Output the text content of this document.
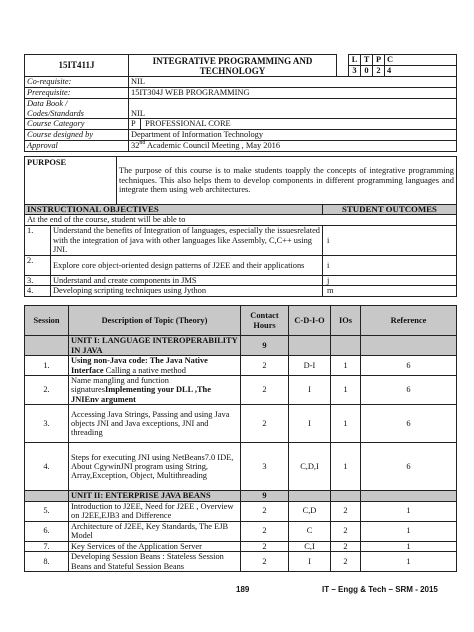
15IT411J	INTEGRATIVE PROGRAMMING AND TECHNOLOGY		L	T	P	C
			3	0	2	4
Co-requisite:	NIL					
Prerequisite:	15IT304J WEB PROGRAMMING					
Data Book / Codes/Standards	NIL					
Course Category	P PROFESSIONAL CORE					
Course designed by	Department of Information Technology					
Approval	32nd Academic Council Meeting , May 2016					
PURPOSE		The purpose of this course is to make students toapply the concepts of integrative programming techniques. This also helps them to develop components in different programming languages and integrate them using web architectures.	
INSTRUCTIONAL OBJECTIVES			STUDENT OUTCOMES
At the end of the course, student will be able to			
1.	Understand the benefits of Integration of languages, especially the issuesrelated with the integration of java with other languages like Assembly, C,C++ using JNI.		i
2.	Explore core object-oriented design patterns of J2EE and their applications		i
3.	Understand and create components in JMS		j
4.	Developing scripting techniques using Jython		m
Session	Description of Topic (Theory)	Contact Hours	C-D-I-O	IOs	Reference
	UNIT I: LANGUAGE INTEROPERABILITY IN JAVA	9			
1.	Using non-Java code: The Java Native Interface Calling a native method	2	D-I	1	6
2.	Name mangling and function signaturesImplementing your DLL ,The JNIEnv argument	2	I	1	6
3.	Accessing Java Strings, Passing and using Java objects JNI and Java exceptions, JNI and threading	2	I	1	6
4.	Steps for executing JNI using NetBeans7.0 IDE, About CgywinJNI program using String, Array,Exception, Object, Multithreading	3	C,D,I	1	6
	UNIT II: ENTERPRISE JAVA BEANS	9			
5.	Introduction to J2EE, Need for J2EE , Overview on J2EE,EJB3 and Difference	2	C,D	2	1
6.	Architecture of J2EE, Key Standards, The EJB Model	2	C	2	1
7.	Key Services of the Application Server	2	C,I	2	1
8.	Developing Session Beans : Stateless Session Beans and Stateful Session Beans	2	I	2	1
189	IT – Engg & Tech – SRM - 2015
